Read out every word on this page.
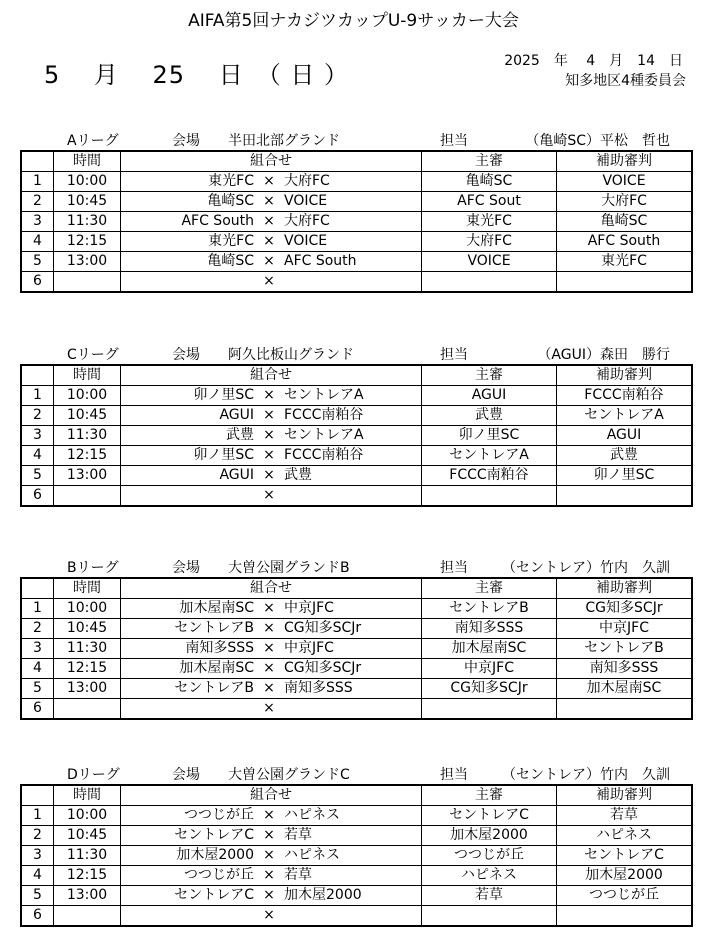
AIFA第5回ナカジツカップU-9サッカー大会
5　 月　 25　 日　（ 日 ）	2025　年　 4　月　14　日
知多地区4種委員会
Aリーグ	会場 半田北部グランド	担当	（亀崎SC）平松　哲也
	時間	組合せ	主審	補助審判
1	10:00	東光FC × 大府FC	亀崎SC	VOICE
2	10:45	亀崎SC × VOICE	AFC Sout	大府FC
3	11:30	AFC South × 大府FC	東光FC	亀崎SC
4	12:15	東光FC × VOICE	大府FC	AFC South
5	13:00	亀崎SC × AFC South	VOICE	東光FC
6		×		

Cリーグ	会場 阿久比板山グランド	担当	（AGUI）森田　勝行
	時間	組合せ	主審	補助審判
1	10:00	卯ノ里SC × セントレアA	AGUI	FCCC南粕谷
2	10:45	AGUI × FCCC南粕谷	武豊	セントレアA
3	11:30	武豊 × セントレアA	卯ノ里SC	AGUI
4	12:15	卯ノ里SC × FCCC南粕谷	セントレアA	武豊
5	13:00	AGUI × 武豊	FCCC南粕谷	卯ノ里SC
6		×		

Bリーグ	会場 大曽公園グランドB	担当 （セントレア）竹内　久訓
	時間	組合せ	主審	補助審判
1	10:00	加木屋南SC × 中京JFC	セントレアB	CG知多SCJr
2	10:45	セントレアB × CG知多SCJr	南知多SSS	中京JFC
3	11:30	南知多SSS × 中京JFC	加木屋南SC	セントレアB
4	12:15	加木屋南SC × CG知多SCJr	中京JFC	南知多SSS
5	13:00	セントレアB × 南知多SSS	CG知多SCJr	加木屋南SC
6		×		

Dリーグ	会場 大曽公園グランドC	担当 （セントレア）竹内　久訓
	時間	組合せ	主審	補助審判
1	10:00	つつじが丘 × ハピネス	セントレアC	若草
2	10:45	セントレアC × 若草	加木屋2000	ハピネス
3	11:30	加木屋2000 × ハピネス	つつじが丘	セントレアC
4	12:15	つつじが丘 × 若草	ハピネス	加木屋2000
5	13:00	セントレアC × 加木屋2000	若草	つつじが丘
6		×		
